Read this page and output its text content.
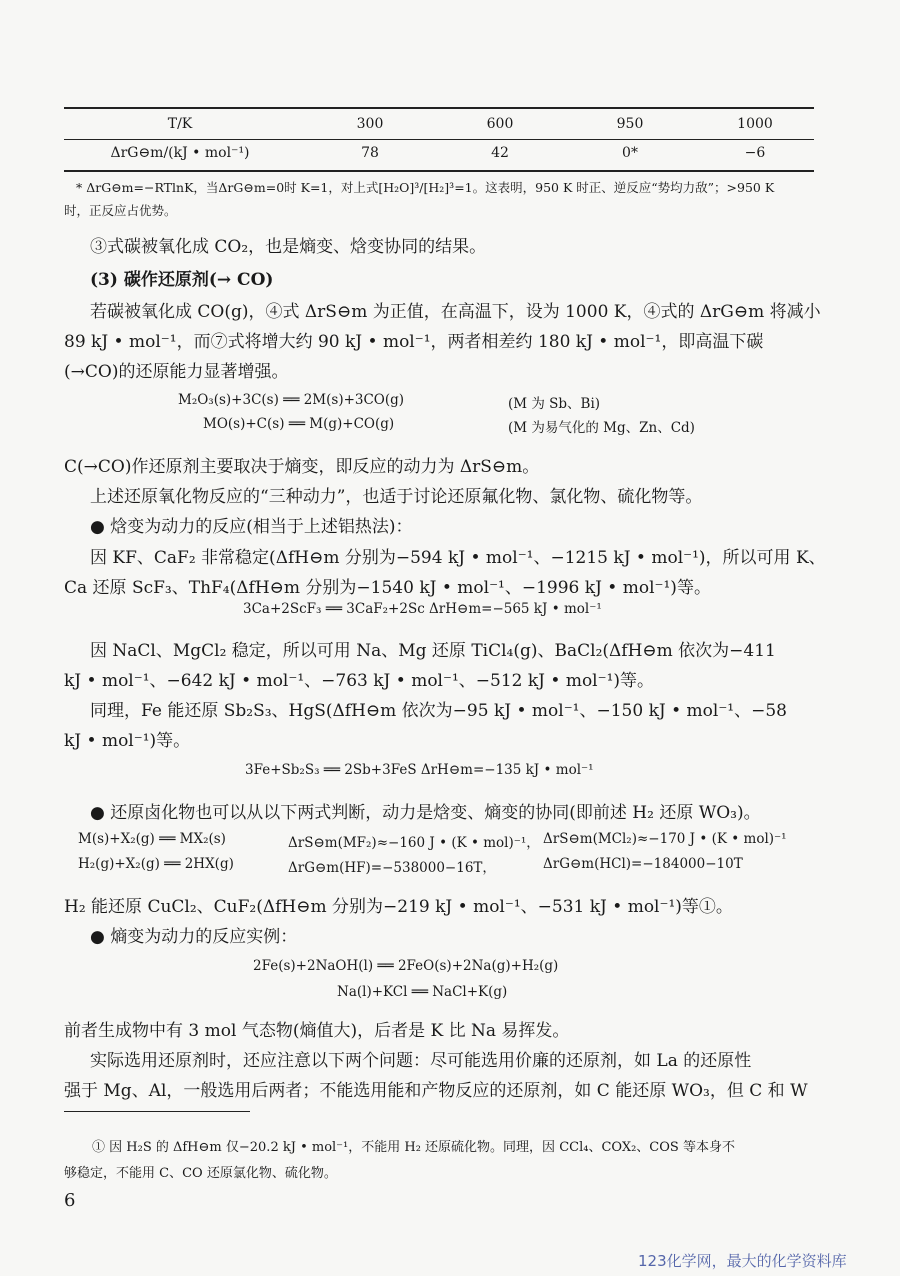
T/K	300	600	950	1000
ΔrG⊖m/(kJ • mol⁻¹)	78	42	0*	−6
* ΔrG⊖m=−RTlnK，当ΔrG⊖m=0时 K=1，对上式[H₂O]³/[H₂]³=1。这表明，950 K 时正、逆反应“势均力敌”；>950 K
时，正反应占优势。
③式碳被氧化成 CO₂，也是熵变、焓变协同的结果。
(3) 碳作还原剂(→ CO)
若碳被氧化成 CO(g)，④式 ΔrS⊖m 为正值，在高温下，设为 1000 K，④式的 ΔrG⊖m 将减小
89 kJ • mol⁻¹，而⑦式将增大约 90 kJ • mol⁻¹，两者相差约 180 kJ • mol⁻¹，即高温下碳
(→CO)的还原能力显著增强。
M₂O₃(s)+3C(s) ══ 2M(s)+3CO(g)	(M 为 Sb、Bi)
MO(s)+C(s) ══ M(g)+CO(g)	(M 为易气化的 Mg、Zn、Cd)
C(→CO)作还原剂主要取决于熵变，即反应的动力为 ΔrS⊖m。
上述还原氧化物反应的“三种动力”，也适于讨论还原氟化物、氯化物、硫化物等。
● 焓变为动力的反应(相当于上述铝热法)：
因 KF、CaF₂ 非常稳定(ΔfH⊖m 分别为−594 kJ • mol⁻¹、−1215 kJ • mol⁻¹)，所以可用 K、
Ca 还原 ScF₃、ThF₄(ΔfH⊖m 分别为−1540 kJ • mol⁻¹、−1996 kJ • mol⁻¹)等。
3Ca+2ScF₃ ══ 3CaF₂+2Sc ΔrH⊖m=−565 kJ • mol⁻¹
因 NaCl、MgCl₂ 稳定，所以可用 Na、Mg 还原 TiCl₄(g)、BaCl₂(ΔfH⊖m 依次为−411
kJ • mol⁻¹、−642 kJ • mol⁻¹、−763 kJ • mol⁻¹、−512 kJ • mol⁻¹)等。
同理，Fe 能还原 Sb₂S₃、HgS(ΔfH⊖m 依次为−95 kJ • mol⁻¹、−150 kJ • mol⁻¹、−58
kJ • mol⁻¹)等。
3Fe+Sb₂S₃ ══ 2Sb+3FeS ΔrH⊖m=−135 kJ • mol⁻¹
● 还原卤化物也可以从以下两式判断，动力是焓变、熵变的协同(即前述 H₂ 还原 WO₃)。
M(s)+X₂(g) ══ MX₂(s)	ΔrS⊖m(MF₂)≈−160 J • (K • mol)⁻¹， ΔrS⊖m(MCl₂)≈−170 J • (K • mol)⁻¹
H₂(g)+X₂(g) ══ 2HX(g)	ΔrG⊖m(HF)=−538000−16T，	ΔrG⊖m(HCl)=−184000−10T
H₂ 能还原 CuCl₂、CuF₂(ΔfH⊖m 分别为−219 kJ • mol⁻¹、−531 kJ • mol⁻¹)等①。
● 熵变为动力的反应实例：
2Fe(s)+2NaOH(l) ══ 2FeO(s)+2Na(g)+H₂(g)
Na(l)+KCl ══ NaCl+K(g)
前者生成物中有 3 mol 气态物(熵值大)，后者是 K 比 Na 易挥发。
实际选用还原剂时，还应注意以下两个问题：尽可能选用价廉的还原剂，如 La 的还原性
强于 Mg、Al，一般选用后两者；不能选用能和产物反应的还原剂，如 C 能还原 WO₃，但 C 和 W
① 因 H₂S 的 ΔfH⊖m 仅−20.2 kJ • mol⁻¹，不能用 H₂ 还原硫化物。同理，因 CCl₄、COX₂、COS 等本身不
够稳定，不能用 C、CO 还原氯化物、硫化物。
6
123化学网，最大的化学资料库
